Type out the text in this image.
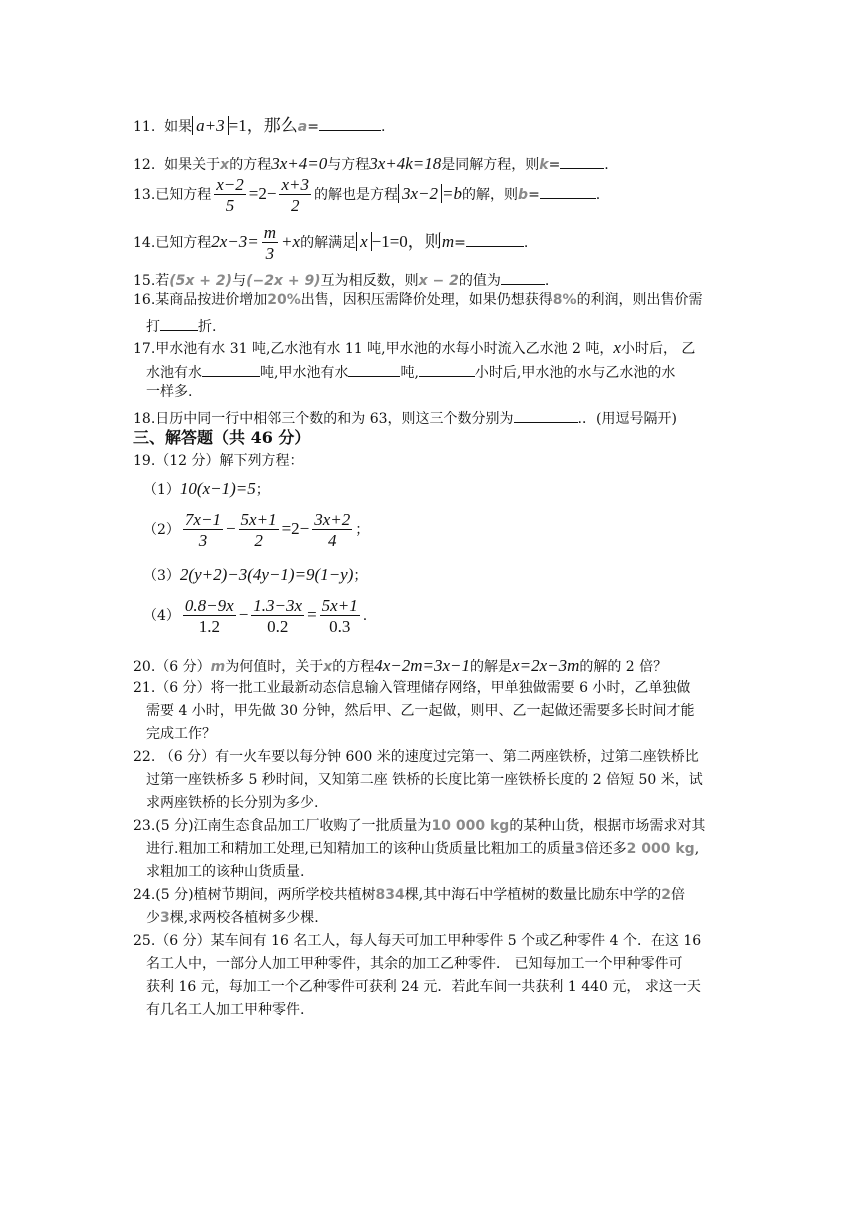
11. 如果 a+3 =1，那么a=	.
12. 如果关于x的方程3x+4=0与方程3x+4k=18是同解方程，则k=	.
13.已知方程 $\frac{x-2}{5} =2- \frac{x+3}{2}$ 的解也是方程 3x−2 =b的解，则b=	.
14.已知方程$2x-3= \frac{m}{3} +x$的解满足 x −1=0，则m=	.
15.若(5x + 2)与(−2x + 9)互为相反数，则x − 2的值为	.
16.某商品按进价增加20%出售，因积压需降价处理，如果仍想获得8%的利润，则出售价需
打	折.
17.甲水池有水 31 吨,乙水池有水 11 吨,甲水池的水每小时流入乙水池 2 吨，x小时后， 乙
水池有水	吨,甲水池有水	吨,	小时后,甲水池的水与乙水池的水
一样多.
18.日历中同一行中相邻三个数的和为 63，则这三个数分别为	.．(用逗号隔开)
三、解答题（共 46 分）
19.（12 分）解下列方程：
（1）10(x−1)=5；
$(2) \frac{7x-1}{3} - \frac{5x+1}{2} =2- \frac{3x+2}{4}$ ；
（3）2(y+2)−3(4y−1)=9(1−y)；
$(4) \frac{0.8-9x}{1.2} - \frac{1.3-3x}{0.2} = \frac{5x+1}{0.3}$ .
20.（6 分）m为何值时，关于x的方程4x−2m=3x−1的解是x=2x−3m的解的 2 倍？
21.（6 分）将一批工业最新动态信息输入管理储存网络，甲单独做需要 6 小时，乙单独做
需要 4 小时，甲先做 30 分钟，然后甲、乙一起做，则甲、乙一起做还需要多长时间才能
完成工作？
22. （6 分）有一火车要以每分钟 600 米的速度过完第一、第二两座铁桥，过第二座铁桥比
过第一座铁桥多 5 秒时间，又知第二座 铁桥的长度比第一座铁桥长度的 2 倍短 50 米，试
求两座铁桥的长分别为多少.
23.(5 分)江南生态食品加工厂收购了一批质量为10 000 kg的某种山货，根据市场需求对其
进行.粗加工和精加工处理,已知精加工的该种山货质量比粗加工的质量3倍还多2 000 kg,
求粗加工的该种山货质量.
24.(5 分)植树节期间，两所学校共植树834棵,其中海石中学植树的数量比励东中学的2倍
少3棵,求两校各植树多少棵.
25.（6 分）某车间有 16 名工人，每人每天可加工甲种零件 5 个或乙种零件 4 个．在这 16
名工人中，一部分人加工甲种零件，其余的加工乙种零件． 已知每加工一个甲种零件可
获利 16 元，每加工一个乙种零件可获利 24 元．若此车间一共获利 1 440 元， 求这一天
有几名工人加工甲种零件.
